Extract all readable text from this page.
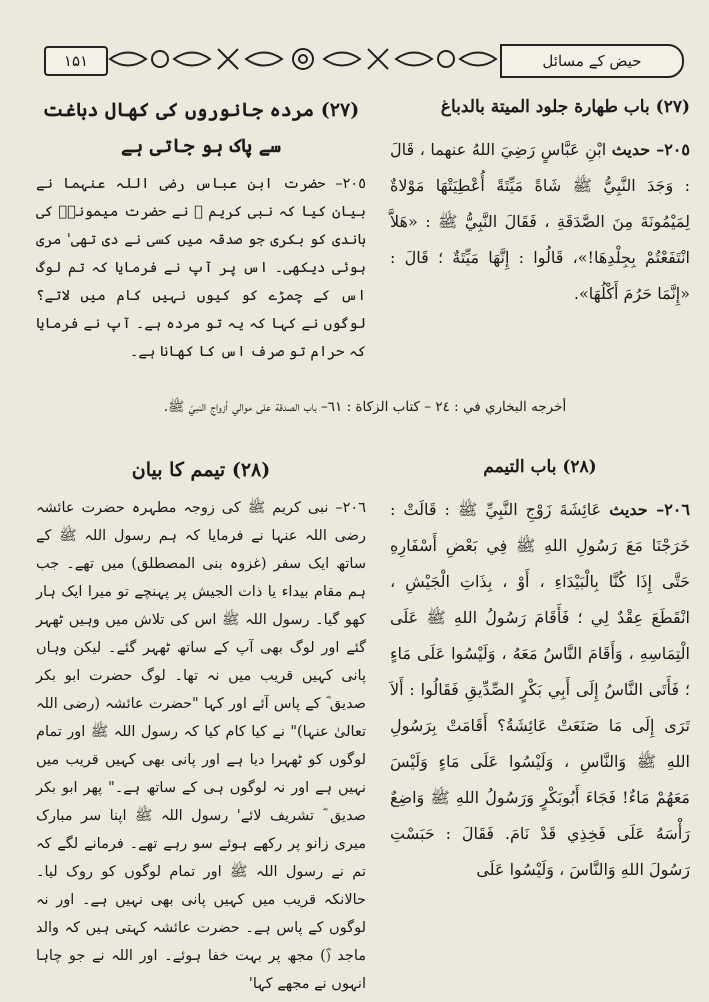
١۵١	حیض کے مسائل
(٢٧) باب طهارة جلود الميتة بالدباغ

٢٠٥– حديث ابْنِ عَبَّاسٍ رَضِيَ اللهُ عنهما ، قَالَ : وَجَدَ النَّبِيُّ ﷺ شَاةً مَيِّتَةً أُعْطِيَتْهَا مَوْلاةٌ لِمَيْمُونَةَ مِنَ الصَّدَقَةِ ، فَقَالَ النَّبِيُّ ﷺ : «هَلاَّ انْتَفَعْتُمْ بِجِلْدِهَا!»، قَالُوا : إِنَّهَا مَيِّتَةٌ ؛ قَالَ : «إِنَّمَا حَرُمَ أَكْلُهَا».

(٢٧) مردہ جانوروں کی کھال دباغت سے پاک ہو جاتی ہے

٢٠٥– حضرت ابن عباس رضی اللہ عنہما نے بیان کیا کہ نبی کریم ﷺ نے حضرت میمونہؓ کی باندی کو بکری جو صدقہ میں کسی نے دی تھی' مری ہوئی دیکھی۔ اس پر آپ نے فرمایا کہ تم لوگ اس کے چمڑے کو کیوں نہیں کام میں لاتے؟ لوگوں نے کہا کہ یہ تو مردہ ہے۔ آپ نے فرمایا کہ حرام تو صرف اس کا کھانا ہے۔

أخرجه البخاري في : ٢٤ – كتاب الزكاة : ٦١– باب الصدقة على موالي أزواج النبيّ ﷺ.
(٢٨) باب التيمم

٢٠٦– حديث عَائِشَةَ زَوْجِ النَّبِيِّ ﷺ : قَالَتْ : خَرَجْنَا مَعَ رَسُولِ اللهِ ﷺ فِي بَعْضِ أَسْفَارِهِ حَتَّى إِذَا كُنَّا بِالْبَيْدَاءِ ، أَوْ ، بِذَاتِ الْجَيْشِ ، انْقَطَعَ عِقْدٌ لِي ؛ فَأَقَامَ رَسُولُ اللهِ ﷺ عَلَى الْتِمَاسِهِ ، وَأَقَامَ النَّاسُ مَعَهُ ، وَلَيْسُوا عَلَى مَاءٍ ؛ فَأَتَى النَّاسُ إِلَى أَبِي بَكْرٍ الصِّدِّيقِ فَقَالُوا : أَلاَ تَرَى إِلَى مَا صَنَعَتْ عَائِشَةُ؟ أَقَامَتْ بِرَسُولِ اللهِ ﷺ وَالنَّاسِ ، وَلَيْسُوا عَلَى مَاءٍ وَلَيْسَ مَعَهُمْ مَاءٌ! فَجَاءَ أَبُوبَكْرٍ وَرَسُولُ اللهِ ﷺ وَاضِعٌ رَأْسَهُ عَلَى فَخِذِي قَدْ نَامَ. فَقَالَ : حَبَسْتِ رَسُولَ اللهِ وَالنَّاسَ ، وَلَيْسُوا عَلَى

(٢٨) تیمم کا بیان

٢٠٦– نبی کریم ﷺ کی زوجہ مطہرہ حضرت عائشہ رضی اللہ عنہا نے فرمایا کہ ہم رسول اللہ ﷺ کے ساتھ ایک سفر (غزوہ بنی المصطلق) میں تھے۔ جب ہم مقام بیداء یا ذات الجیش پر پہنچے تو میرا ایک ہار کھو گیا۔ رسول اللہ ﷺ اس کی تلاش میں وہیں ٹھہر گئے اور لوگ بھی آپ کے ساتھ ٹھہر گئے۔ لیکن وہاں پانی کہیں قریب میں نہ تھا۔ لوگ حضرت ابو بکر صدیق ؓ کے پاس آئے اور کہا "حضرت عائشہ (رضی اللہ تعالیٰ عنہا)" نے کیا کام کیا کہ رسول اللہ ﷺ اور تمام لوگوں کو ٹھہرا دیا ہے اور پانی بھی کہیں قریب میں نہیں ہے اور نہ لوگوں ہی کے ساتھ ہے۔" پھر ابو بکر صدیق ؓ تشریف لائے' رسول اللہ ﷺ اپنا سر مبارک میری زانو پر رکھے ہوئے سو رہے تھے۔ فرمانے لگے کہ تم نے رسول اللہ ﷺ اور تمام لوگوں کو روک لیا۔ حالانکہ قریب میں کہیں پانی بھی نہیں ہے۔ اور نہ لوگوں کے پاس ہے۔ حضرت عائشہ کہتی ہیں کہ والد ماجد (ؓ) مجھ پر بہت خفا ہوئے۔ اور اللہ نے جو چاہا انہوں نے مجھے کہا'
